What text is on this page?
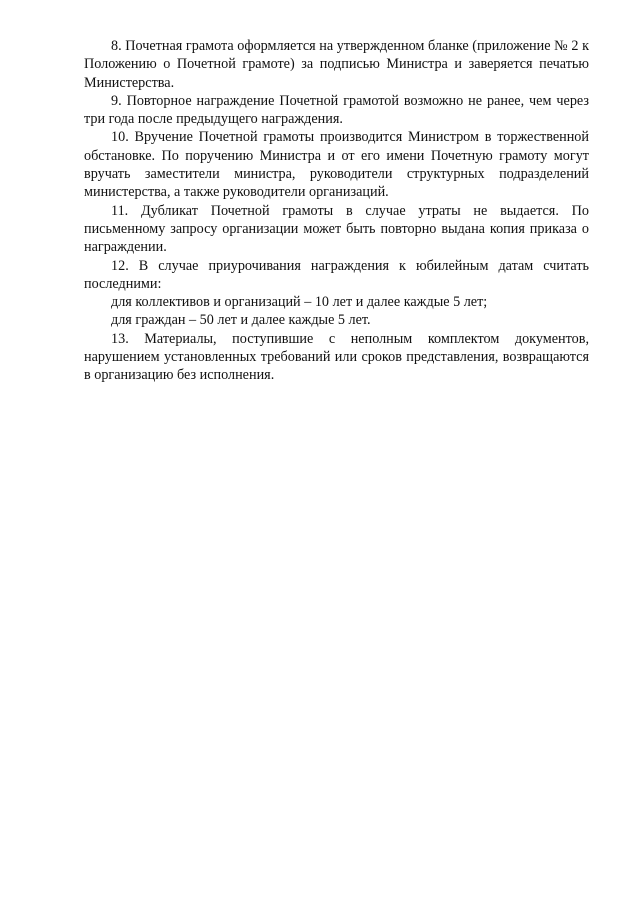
8. Почетная грамота оформляется на утвержденном бланке (приложение № 2 к Положению о Почетной грамоте) за подписью Министра и заверяется печатью Министерства.

9. Повторное награждение Почетной грамотой возможно не ранее, чем через три года после предыдущего награждения.

10. Вручение Почетной грамоты производится Министром в торжественной обстановке. По поручению Министра и от его имени Почетную грамоту могут вручать заместители министра, руководители структурных подразделений министерства, а также руководители организаций.

11. Дубликат Почетной грамоты в случае утраты не выдается. По письменному запросу организации может быть повторно выдана копия приказа о награждении.

12. В случае приурочивания награждения к юбилейным датам считать последними:

для коллективов и организаций – 10 лет и далее каждые 5 лет;

для граждан – 50 лет и далее каждые 5 лет.

13. Материалы, поступившие с неполным комплектом документов, нарушением установленных требований или сроков представления, возвращаются в организацию без исполнения.
